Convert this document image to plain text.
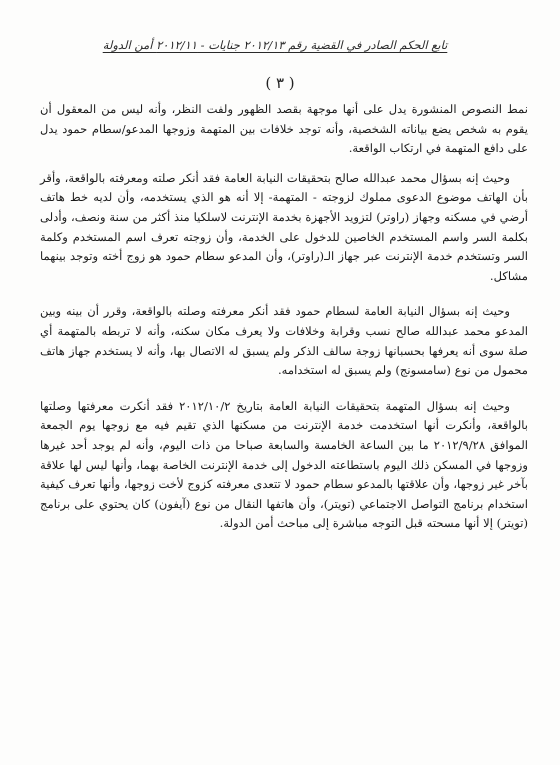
تابع الحكم الصادر في القضية رقم ٢٠١٢/١٣ جنايات - ٢٠١٢/١١ أمن الدولة
( ٣ )

نمط النصوص المنشورة يدل على أنها موجهة بقصد الظهور ولفت النظر، وأنه ليس من المعقول أن يقوم به شخص يضع بياناته الشخصية، وأنه توجد خلافات بين المتهمة وزوجها المدعو/سطام حمود يدل على دافع المتهمة في ارتكاب الواقعة.

وحيث إنه بسؤال محمد عبدالله صالح بتحقيقات النيابة العامة فقد أنكر صلته ومعرفته بالواقعة، وأقر بأن الهاتف موضوع الدعوى مملوك لزوجته - المتهمة- إلا أنه هو الذي يستخدمه، وأن لديه خط هاتف أرضي في مسكنه وجهاز (راوتر) لتزويد الأجهزة بخدمة الإنترنت لاسلكيا منذ أكثر من سنة ونصف، وأدلى بكلمة السر واسم المستخدم الخاصين للدخول على الخدمة، وأن زوجته تعرف اسم المستخدم وكلمة السر وتستخدم خدمة الإنترنت عبر جهاز الـ(راوتر)، وأن المدعو سطام حمود هو زوج أخته وتوجد بينهما مشاكل.

وحيث إنه بسؤال النيابة العامة لسطام حمود فقد أنكر معرفته وصلته بالواقعة، وقرر أن بينه وبين المدعو محمد عبدالله صالح نسب وقرابة وخلافات ولا يعرف مكان سكنه، وأنه لا تربطه بالمتهمة أي صلة سوى أنه يعرفها بحسبانها زوجة سالف الذكر ولم يسبق له الاتصال بها، وأنه لا يستخدم جهاز هاتف محمول من نوع (سامسونج) ولم يسبق له استخدامه.

وحيث إنه بسؤال المتهمة بتحقيقات النيابة العامة بتاريخ ٢٠١٢/١٠/٢ فقد أنكرت معرفتها وصلتها بالواقعة، وأنكرت أنها استخدمت خدمة الإنترنت من مسكنها الذي تقيم فيه مع زوجها يوم الجمعة الموافق ٢٠١٢/٩/٢٨ ما بين الساعة الخامسة والسابعة صباحا من ذات اليوم، وأنه لم يوجد أحد غيرها وزوجها في المسكن ذلك اليوم باستطاعته الدخول إلى خدمة الإنترنت الخاصة بهما، وأنها ليس لها علاقة بآخر غير زوجها، وأن علاقتها بالمدعو سطام حمود لا تتعدى معرفته كزوج لأخت زوجها، وأنها تعرف كيفية استخدام برنامج التواصل الاجتماعي (تويتر)، وأن هاتفها النقال من نوع (آيفون) كان يحتوي على برنامج (تويتر) إلا أنها مسحته قبل التوجه مباشرة إلى مباحث أمن الدولة.
